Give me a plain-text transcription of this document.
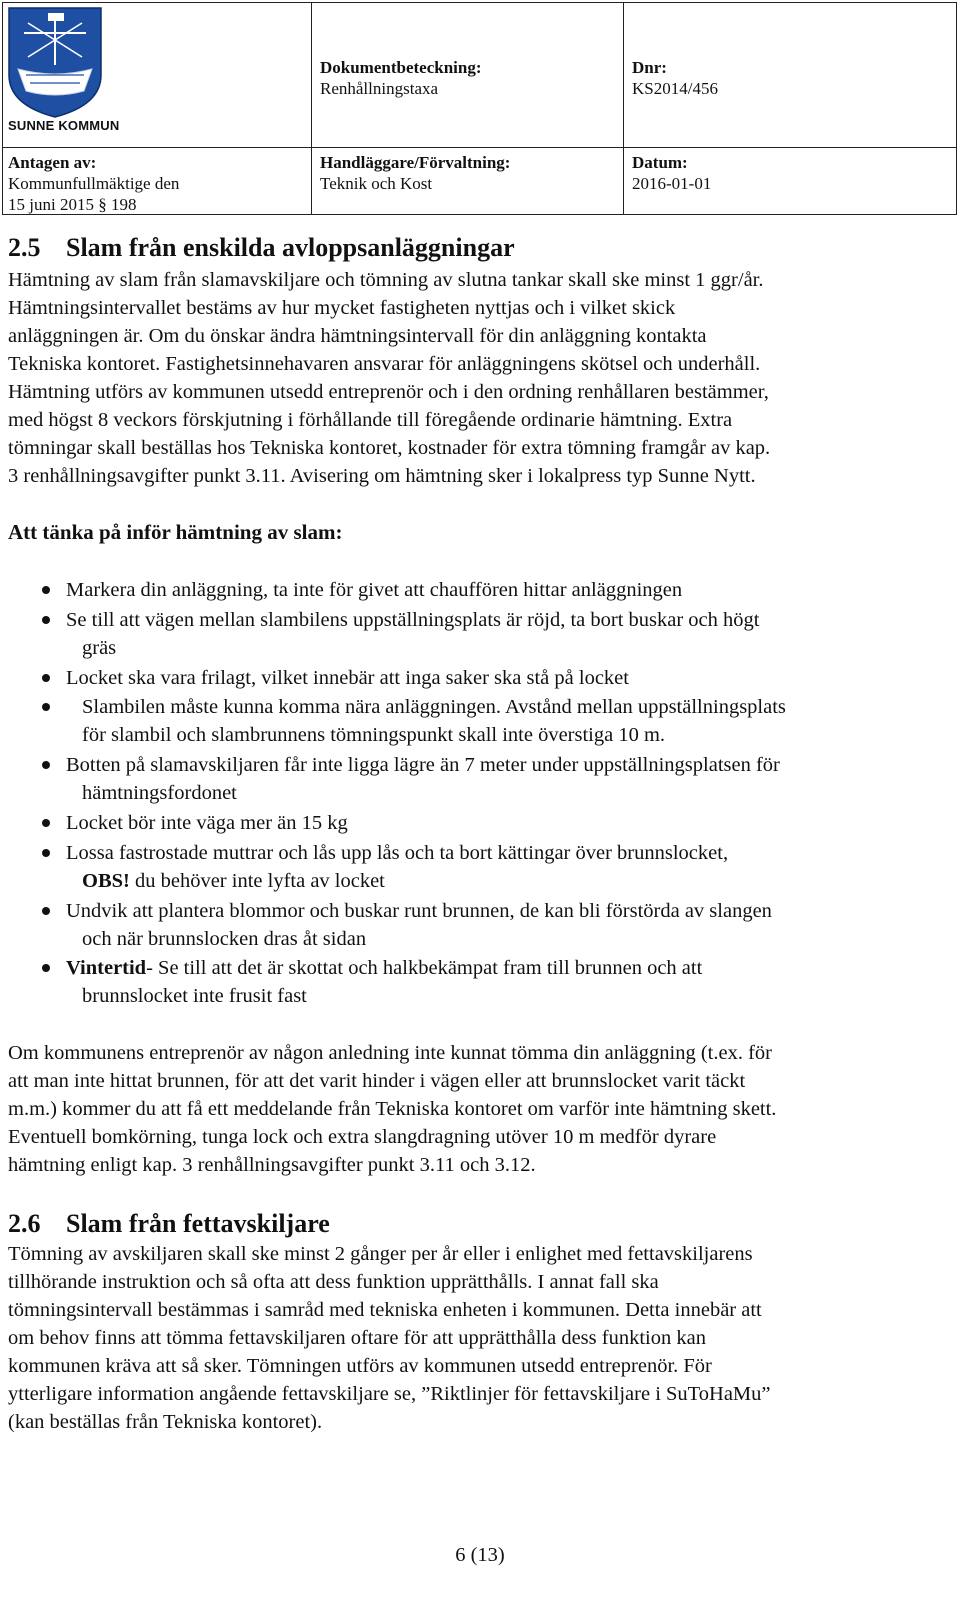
SUNNE KOMMUN
Dokumentbeteckning:
Renhållningstaxa
Dnr:
KS2014/456
Antagen av:
Kommunfullmäktige den
15 juni 2015 § 198
Handläggare/Förvaltning:
Teknik och Kost
Datum:
2016-01-01
2.5 Slam från enskilda avloppsanläggningar
Hämtning av slam från slamavskiljare och tömning av slutna tankar skall ske minst 1 ggr/år.
Hämtningsintervallet bestäms av hur mycket fastigheten nyttjas och i vilket skick
anläggningen är. Om du önskar ändra hämtningsintervall för din anläggning kontakta
Tekniska kontoret. Fastighetsinnehavaren ansvarar för anläggningens skötsel och underhåll.
Hämtning utförs av kommunen utsedd entreprenör och i den ordning renhållaren bestämmer,
med högst 8 veckors förskjutning i förhållande till föregående ordinarie hämtning. Extra
tömningar skall beställas hos Tekniska kontoret, kostnader för extra tömning framgår av kap.
3 renhållningsavgifter punkt 3.11. Avisering om hämtning sker i lokalpress typ Sunne Nytt.
Att tänka på inför hämtning av slam:
Markera din anläggning, ta inte för givet att chauffören hittar anläggningen
Se till att vägen mellan slambilens uppställningsplats är röjd, ta bort buskar och högt
gräs
Locket ska vara frilagt, vilket innebär att inga saker ska stå på locket
Slambilen måste kunna komma nära anläggningen. Avstånd mellan uppställningsplats
för slambil och slambrunnens tömningspunkt skall inte överstiga 10 m.
Botten på slamavskiljaren får inte ligga lägre än 7 meter under uppställningsplatsen för
hämtningsfordonet
Locket bör inte väga mer än 15 kg
Lossa fastrostade muttrar och lås upp lås och ta bort kättingar över brunnslocket,
OBS! du behöver inte lyfta av locket
Undvik att plantera blommor och buskar runt brunnen, de kan bli förstörda av slangen
och när brunnslocken dras åt sidan
Vintertid- Se till att det är skottat och halkbekämpat fram till brunnen och att
brunnslocket inte frusit fast
Om kommunens entreprenör av någon anledning inte kunnat tömma din anläggning (t.ex. för
att man inte hittat brunnen, för att det varit hinder i vägen eller att brunnslocket varit täckt
m.m.) kommer du att få ett meddelande från Tekniska kontoret om varför inte hämtning skett.
Eventuell bomkörning, tunga lock och extra slangdragning utöver 10 m medför dyrare
hämtning enligt kap. 3 renhållningsavgifter punkt 3.11 och 3.12.
2.6 Slam från fettavskiljare
Tömning av avskiljaren skall ske minst 2 gånger per år eller i enlighet med fettavskiljarens
tillhörande instruktion och så ofta att dess funktion upprätthålls. I annat fall ska
tömningsintervall bestämmas i samråd med tekniska enheten i kommunen. Detta innebär att
om behov finns att tömma fettavskiljaren oftare för att upprätthålla dess funktion kan
kommunen kräva att så sker. Tömningen utförs av kommunen utsedd entreprenör. För
ytterligare information angående fettavskiljare se, ”Riktlinjer för fettavskiljare i SuToHaMu”
(kan beställas från Tekniska kontoret).
6 (13)
